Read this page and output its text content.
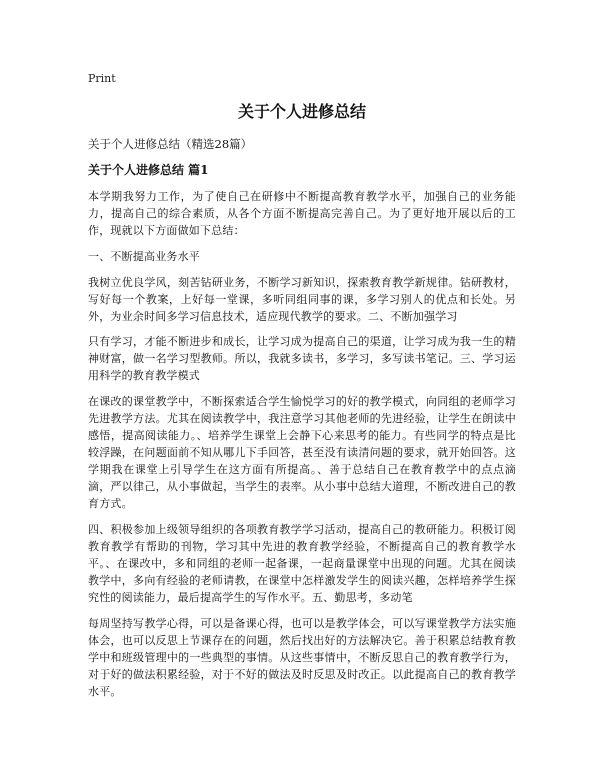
Print
关于个人进修总结
关于个人进修总结（精选28篇）
关于个人进修总结 篇1

本学期我努力工作，为了使自己在研修中不断提高教育教学水平，加强自己的业务能力，提高自己的综合素质，从各个方面不断提高完善自己。为了更好地开展以后的工作，现就以下方面做如下总结：

一、不断提高业务水平

我树立优良学风，刻苦钻研业务，不断学习新知识，探索教育教学新规律。钻研教材，写好每一个教案，上好每一堂课，多听同组同事的课，多学习别人的优点和长处。另外，为业余时间多学习信息技术，适应现代教学的要求。二、不断加强学习

只有学习，才能不断进步和成长，让学习成为提高自己的渠道，让学习成为我一生的精神财富，做一名学习型教师。所以，我就多读书，多学习，多写读书笔记。三、学习运用科学的教育教学模式

在课改的课堂教学中，不断探索适合学生愉悦学习的好的教学模式，向同组的老师学习先进教学方法。尤其在阅读教学中，我注意学习其他老师的先进经验，让学生在朗读中感悟，提高阅读能力。、培养学生课堂上会静下心来思考的能力。有些同学的特点是比较浮躁，在问题面前不知从哪儿下手回答，甚至没有读清问题的要求，就开始回答。这学期我在课堂上引导学生在这方面有所提高。、善于总结自己在教育教学中的点点滴滴，严以律己，从小事做起，当学生的表率。从小事中总结大道理，不断改进自己的教育方式。

四、积极参加上级领导组织的各项教育教学学习活动，提高自己的教研能力。积极订阅教育教学有帮助的刊物，学习其中先进的教育教学经验，不断提高自己的教育教学水平。、在课改中，多和同组的老师一起备课，一起商量课堂中出现的问题。尤其在阅读教学中，多向有经验的老师请教，在课堂中怎样激发学生的阅读兴趣，怎样培养学生探究性的阅读能力，最后提高学生的写作水平。五、勤思考，多动笔

每周坚持写教学心得，可以是备课心得，也可以是教学体会，可以写课堂教学方法实施体会，也可以反思上节课存在的问题，然后找出好的方法解决它。善于积累总结教育教学中和班级管理中的一些典型的事情。从这些事情中，不断反思自己的教育教学行为，对于好的做法积累经验，对于不好的做法及时反思及时改正。以此提高自己的教育教学水平。
